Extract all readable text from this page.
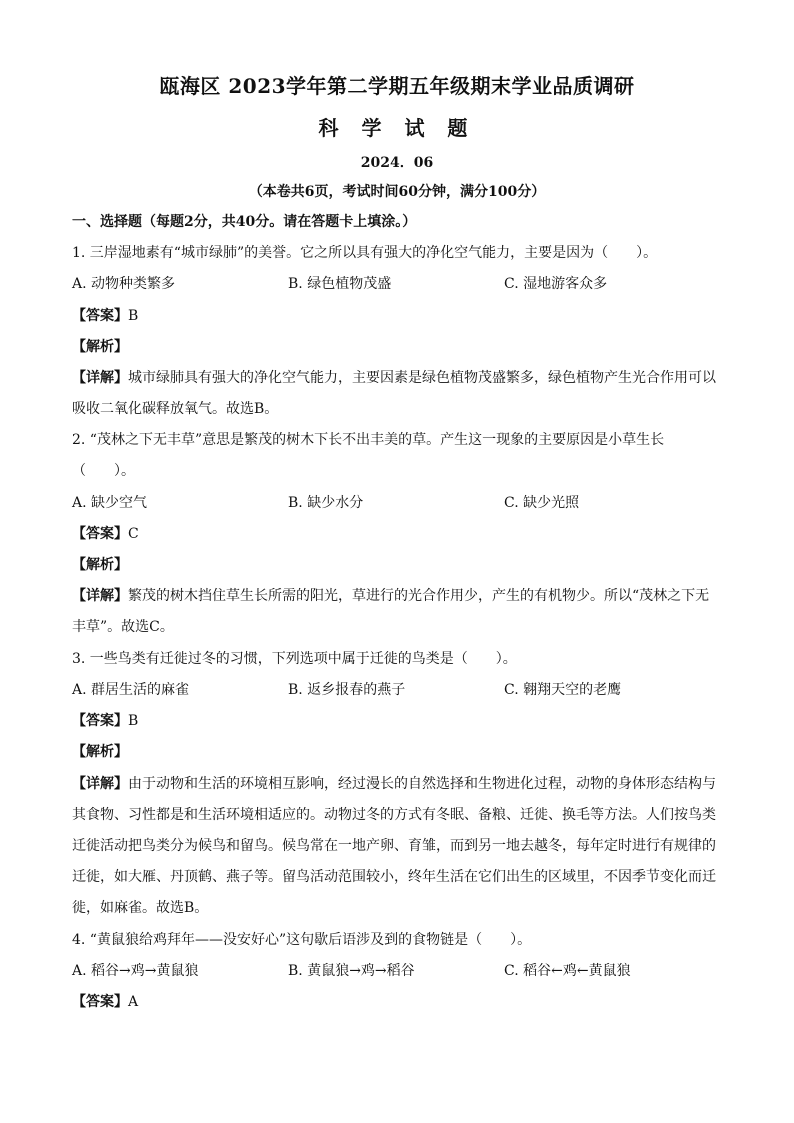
瓯海区 2023学年第二学期五年级期末学业品质调研
科 学 试 题
2024．06
（本卷共6页，考试时间60分钟，满分100分）
一、选择题（每题2分，共40分。请在答题卡上填涂。）
1. 三岸湿地素有“城市绿肺”的美誉。它之所以具有强大的净化空气能力，主要是因为（　　）。
A. 动物种类繁多	B. 绿色植物茂盛	C. 湿地游客众多
【答案】B
【解析】
【详解】城市绿肺具有强大的净化空气能力，主要因素是绿色植物茂盛繁多，绿色植物产生光合作用可以
吸收二氧化碳释放氧气。故选B。
2. “茂林之下无丰草”意思是繁茂的树木下长不出丰美的草。产生这一现象的主要原因是小草生长
（　　）。
A. 缺少空气	B. 缺少水分	C. 缺少光照
【答案】C
【解析】
【详解】繁茂的树木挡住草生长所需的阳光，草进行的光合作用少，产生的有机物少。所以“茂林之下无
丰草”。故选C。
3. 一些鸟类有迁徙过冬的习惯，下列选项中属于迁徙的鸟类是（　　）。
A. 群居生活的麻雀	B. 返乡报春的燕子	C. 翱翔天空的老鹰
【答案】B
【解析】
【详解】由于动物和生活的环境相互影响，经过漫长的自然选择和生物进化过程，动物的身体形态结构与
其食物、习性都是和生活环境相适应的。动物过冬的方式有冬眠、备粮、迁徙、换毛等方法。人们按鸟类
迁徙活动把鸟类分为候鸟和留鸟。候鸟常在一地产卵、育雏，而到另一地去越冬，每年定时进行有规律的
迁徙，如大雁、丹顶鹤、燕子等。留鸟活动范围较小，终年生活在它们出生的区域里，不因季节变化而迁
徙，如麻雀。故选B。
4. “黄鼠狼给鸡拜年——没安好心”这句歇后语涉及到的食物链是（　　）。
A. 稻谷→鸡→黄鼠狼	B. 黄鼠狼→鸡→稻谷	C. 稻谷←鸡←黄鼠狼
【答案】A
